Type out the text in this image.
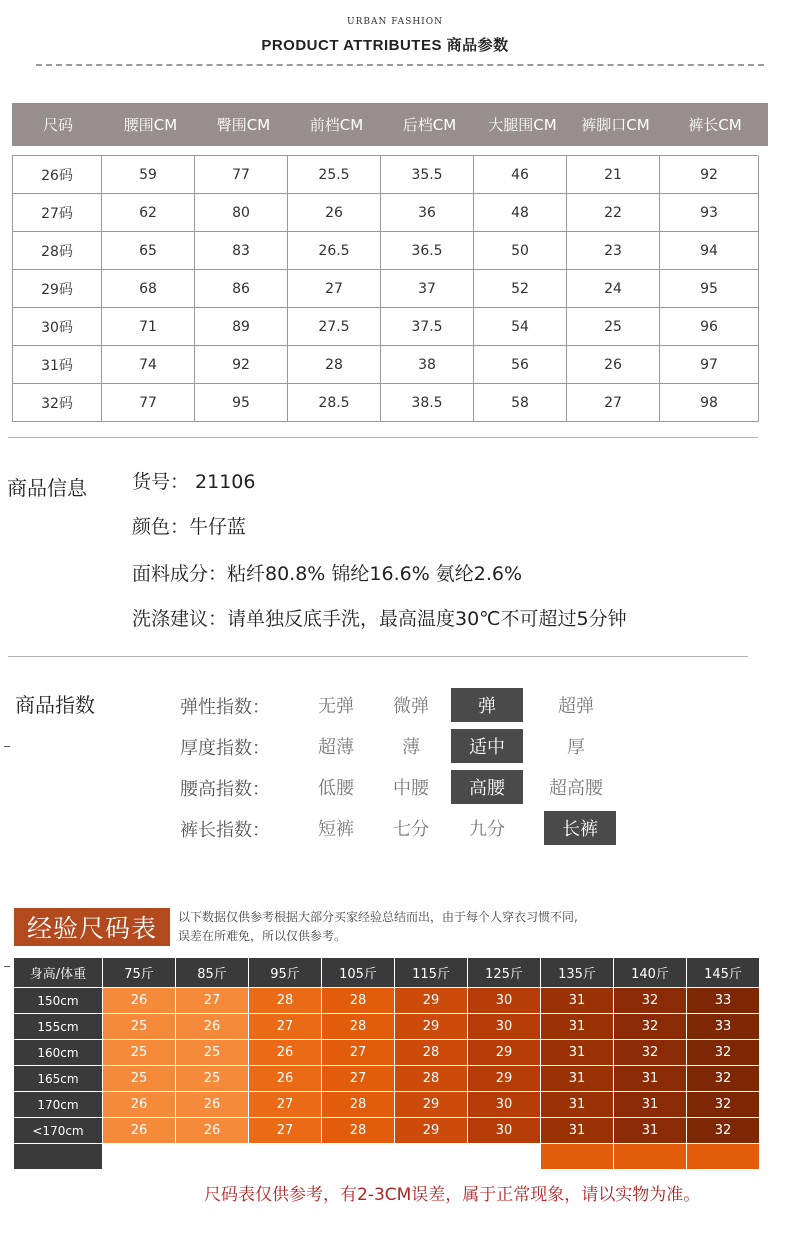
URBAN FASHION
PRODUCT ATTRIBUTES 商品参数
尺码	腰围CM	臀围CM	前档CM	后档CM	大腿围CM	裤脚口CM	裤长CM
26码	59	77	25.5	35.5	46	21	92
27码	62	80	26	36	48	22	93
28码	65	83	26.5	36.5	50	23	94
29码	68	86	27	37	52	24	95
30码	71	89	27.5	37.5	54	25	96
31码	74	92	28	38	56	26	97
32码	77	95	28.5	38.5	58	27	98
商品信息 货号： 21106
颜色：牛仔蓝
面料成分：粘纤80.8% 锦纶16.6% 氨纶2.6%
洗涤建议：请单独反底手洗，最高温度30℃不可超过5分钟
商品指数	弹性指数：	无弹	微弹	弹	超弹
厚度指数：	超薄	薄	适中	厚
腰高指数：	低腰	中腰	高腰	超高腰
裤长指数：	短裤	七分	九分	长裤
经验尺码表	以下数据仅供参考根据大部分买家经验总结而出，由于每个人穿衣习惯不同,
误差在所难免，所以仅供参考。
身高/体重	75斤	85斤	95斤	105斤	115斤	125斤	135斤	140斤	145斤
150cm	26	27	28	28	29	30	31	32	33
155cm	25	26	27	28	29	30	31	32	33
160cm	25	25	26	27	28	29	31	32	32
165cm	25	25	26	27	28	29	31	31	32
170cm	26	26	27	28	29	30	31	31	32
<170cm	26	26	27	28	29	30	31	31	32
尺码表仅供参考，有2-3CM误差，属于正常现象，请以实物为准。
